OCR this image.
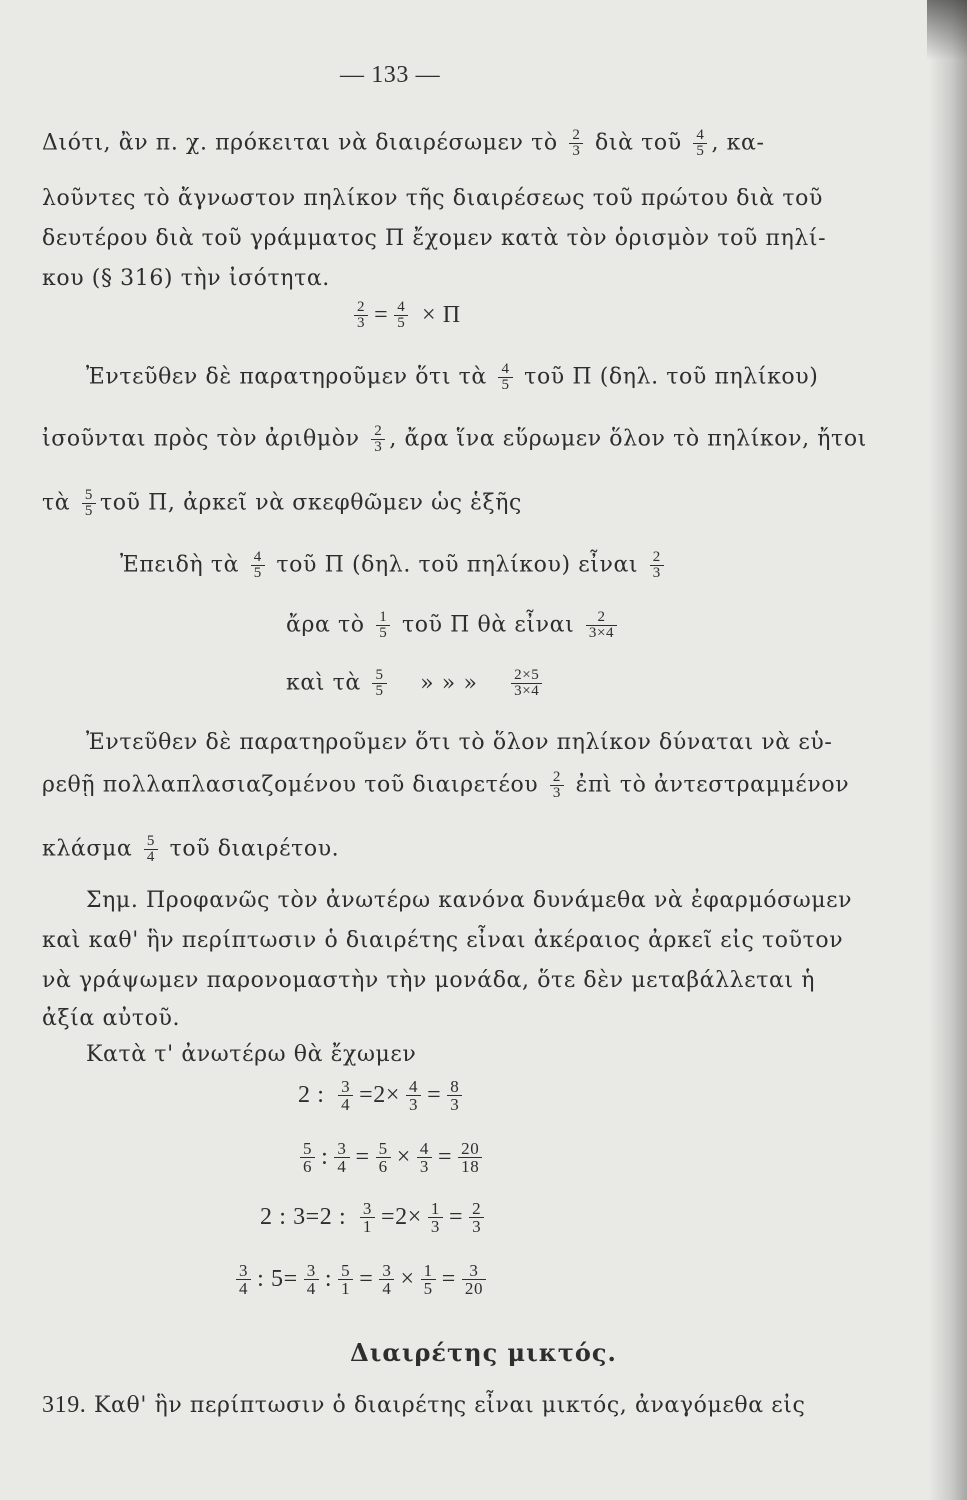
— 133 —
Διότι, ἂν π. χ. πρόκειται νὰ διαιρέσωμεν τὸ $\frac{2}{3}$ διὰ τοῦ $\frac{4}{5}$ , κα-
λοῦντες τὸ ἄγνωστον πηλίκον τῆς διαιρέσεως τοῦ πρώτου διὰ τοῦ
δευτέρου διὰ τοῦ γράμματος Π ἔχομεν κατὰ τὸν ὁρισμὸν τοῦ πηλί-
κου (§ 316) τὴν ἰσότητα.
$\frac{2}{3} = \frac{4}{5} \times \Pi$
Ἐντεῦθεν δὲ παρατηροῦμεν ὅτι τὰ $\frac{4}{5}$ τοῦ Π (δηλ. τοῦ πηλίκου)
ἰσοῦνται πρὸς τὸν ἀριθμὸν $\frac{2}{3}$ , ἄρα ἵνα εὕρωμεν ὅλον τὸ πηλίκον, ἤτοι
τὰ $\frac{5}{5}$ τοῦ Π, ἀρκεῖ νὰ σκεφθῶμεν ὡς ἑξῆς
Ἐπειδὴ τὰ $\frac{4}{5}$ τοῦ Π (δηλ. τοῦ πηλίκου) εἶναι $\frac{2}{3}$
ἄρα τὸ $\frac{1}{5}$ τοῦ Π θὰ εἶναι $\frac{2}{3\times 4}$
καὶ τὰ $\frac{5}{5}$ » » » $\frac{2\times 5}{3\times 4}$
Ἐντεῦθεν δὲ παρατηροῦμεν ὅτι τὸ ὅλον πηλίκον δύναται νὰ εὑ-
ρεθῇ πολλαπλασιαζομένου τοῦ διαιρετέου $\frac{2}{3}$ ἐπὶ τὸ ἀντεστραμμένον
κλάσμα $\frac{5}{4}$ τοῦ διαιρέτου.
Σημ. Προφανῶς τὸν ἀνωτέρω κανόνα δυνάμεθα νὰ ἐφαρμόσωμεν
καὶ καθ' ἣν περίπτωσιν ὁ διαιρέτης εἶναι ἀκέραιος ἀρκεῖ εἰς τοῦτον
νὰ γράψωμεν παρονομαστὴν τὴν μονάδα, ὅτε δὲν μεταβάλλεται ἡ
ἀξία αὐτοῦ.
Κατὰ τ' ἀνωτέρω θὰ ἔχωμεν
2 : $\frac{3}{4} =2\times \frac{4}{3} = \frac{8}{3}$
$\frac{5}{6}$ : $\frac{3}{4} = \frac{5}{6} \times \frac{4}{3} = \frac{20}{18}$
2 : 3=2 : $\frac{3}{1} =2\times \frac{1}{3} = \frac{2}{3}$
$\frac{3}{4}$ : $5= \frac{3}{4}$ : $\frac{5}{1} = \frac{3}{4} \times \frac{1}{5} = \frac{3}{20}$
Διαιρέτης μικτός.
319. Καθ' ἣν περίπτωσιν ὁ διαιρέτης εἶναι μικτός, ἀναγόμεθα εἰς
